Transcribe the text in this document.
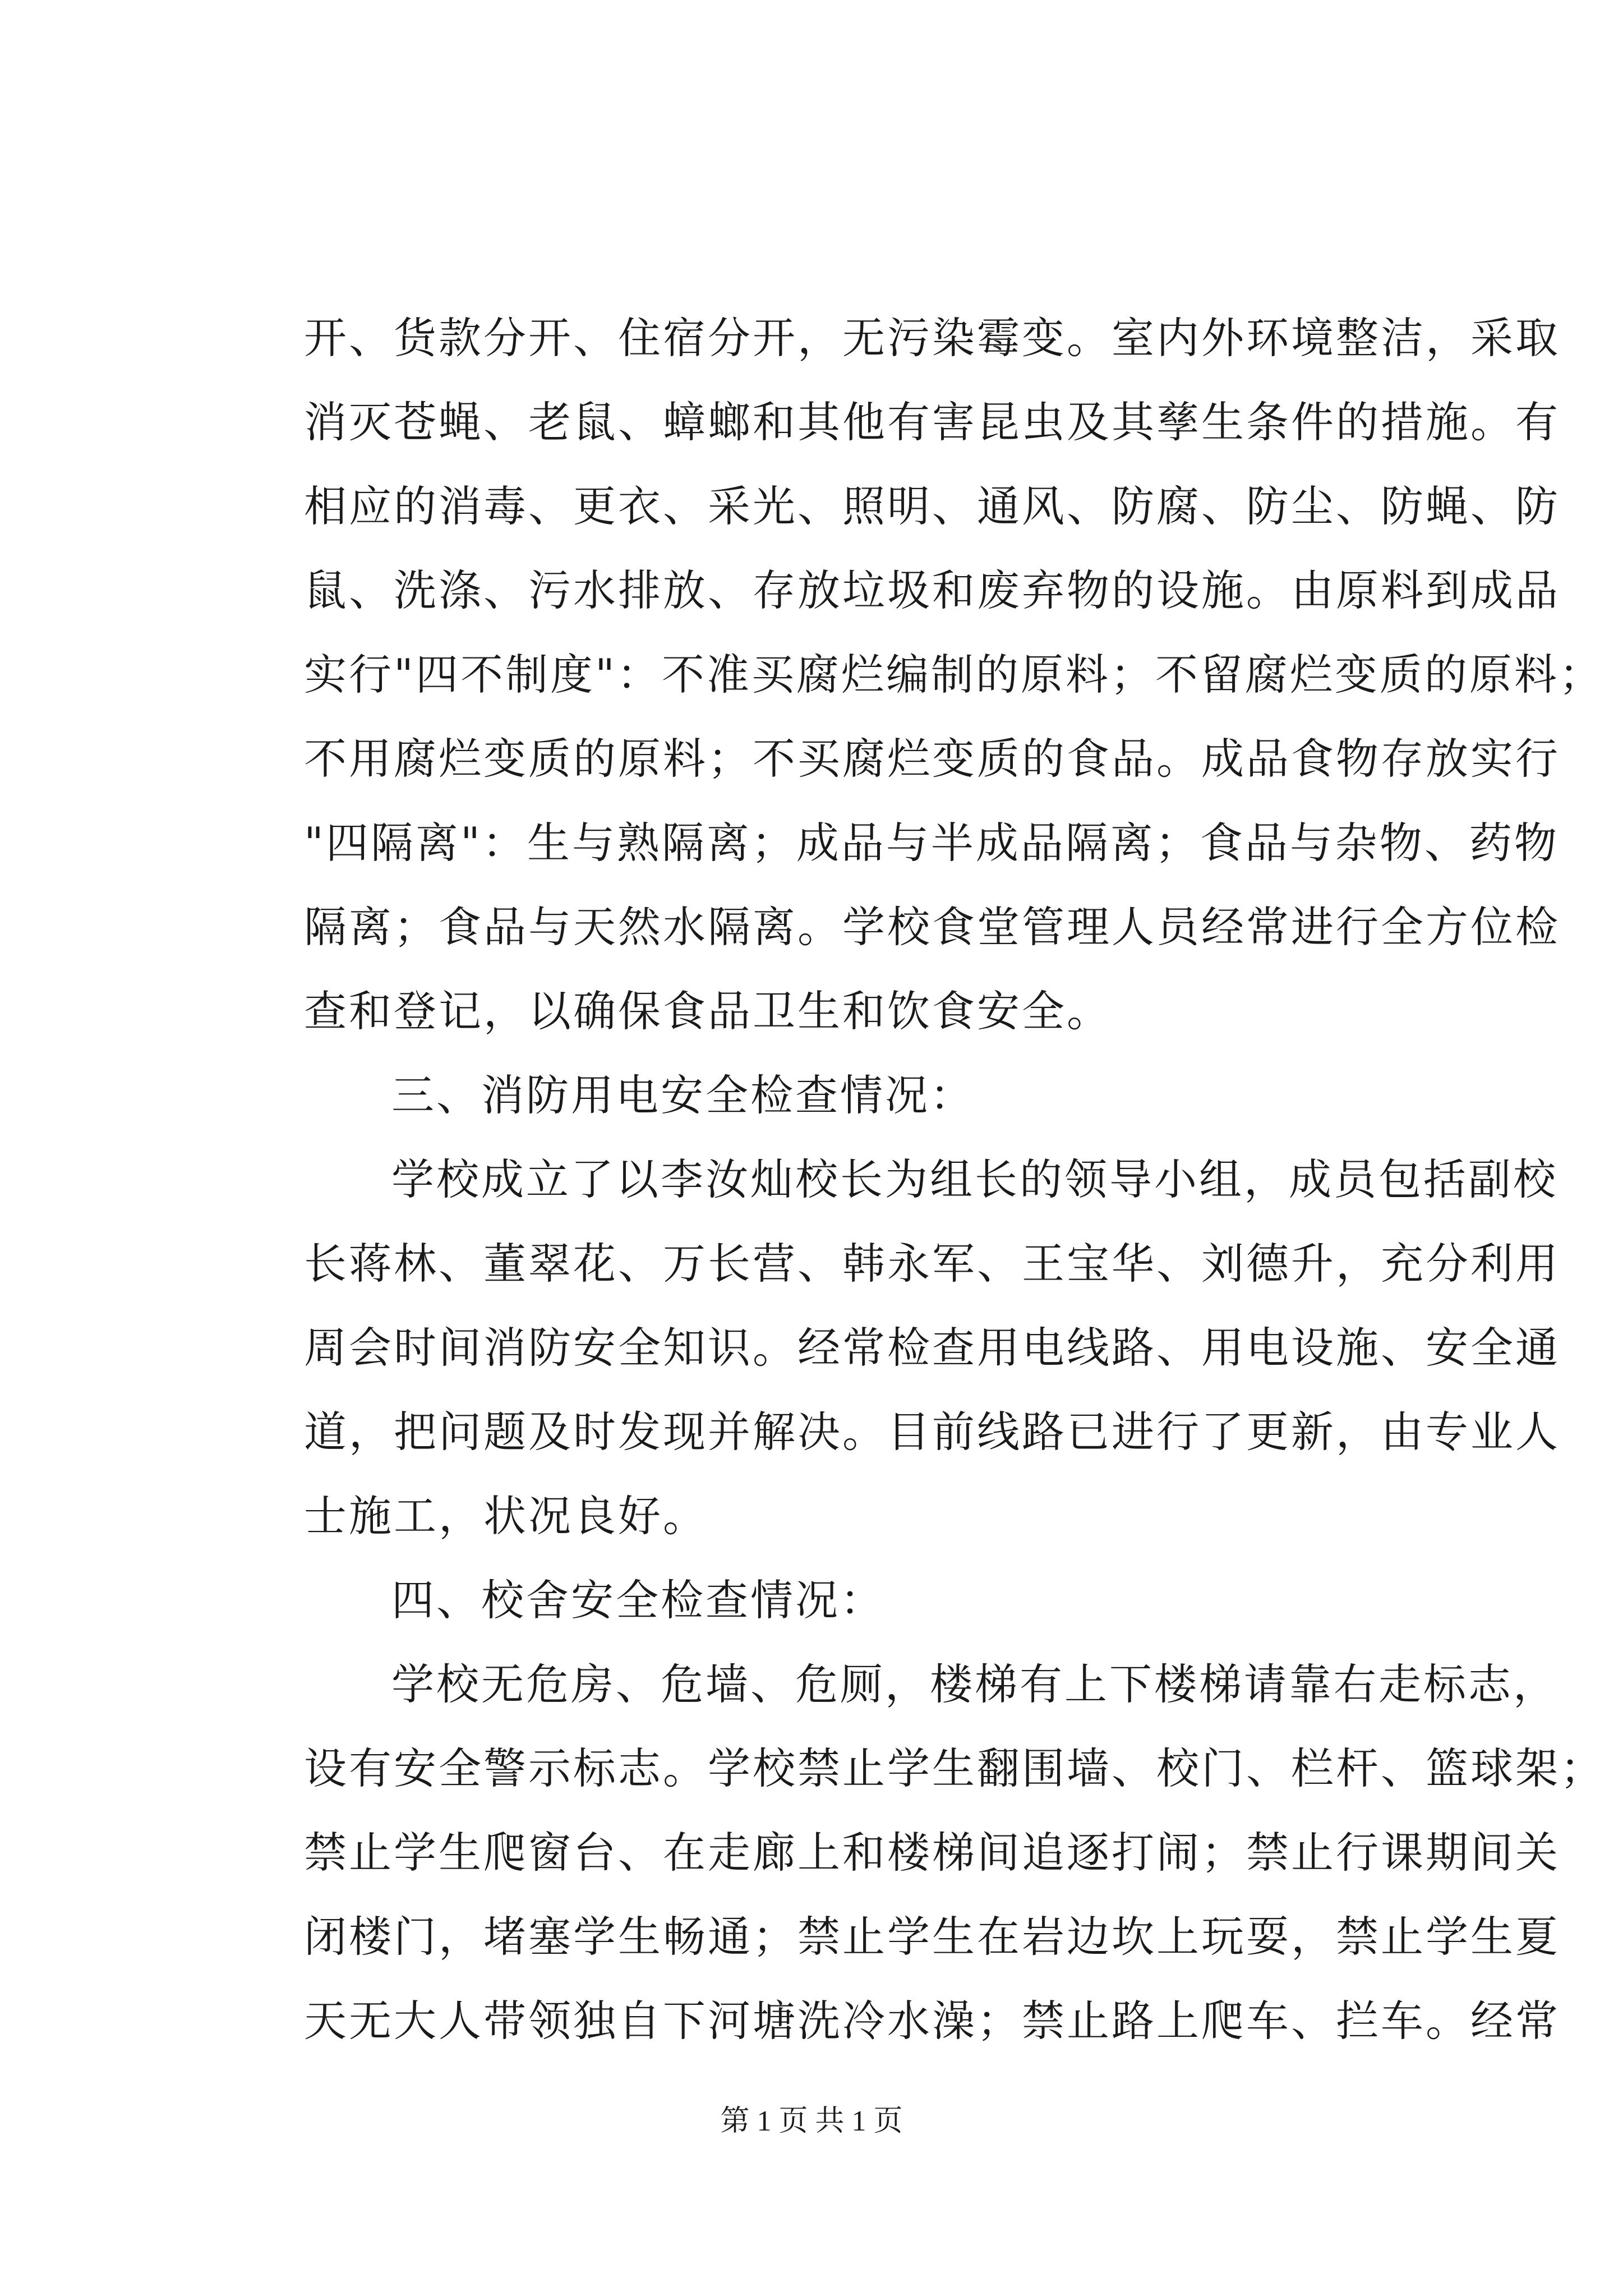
开、货款分开、住宿分开，无污染霉变。室内外环境整洁，采取
消灭苍蝇、老鼠、蟑螂和其他有害昆虫及其孳生条件的措施。有
相应的消毒、更衣、采光、照明、通风、防腐、防尘、防蝇、防
鼠、洗涤、污水排放、存放垃圾和废弃物的设施。由原料到成品
实行"四不制度"：不准买腐烂编制的原料；不留腐烂变质的原料；
不用腐烂变质的原料；不买腐烂变质的食品。成品食物存放实行
"四隔离"：生与熟隔离；成品与半成品隔离；食品与杂物、药物
隔离；食品与天然水隔离。学校食堂管理人员经常进行全方位检
查和登记，以确保食品卫生和饮食安全。
三、消防用电安全检查情况：
学校成立了以李汝灿校长为组长的领导小组，成员包括副校
长蒋林、董翠花、万长营、韩永军、王宝华、刘德升，充分利用
周会时间消防安全知识。经常检查用电线路、用电设施、安全通
道，把问题及时发现并解决。目前线路已进行了更新，由专业人
士施工，状况良好。
四、校舍安全检查情况：
学校无危房、危墙、危厕，楼梯有上下楼梯请靠右走标志，
设有安全警示标志。学校禁止学生翻围墙、校门、栏杆、篮球架；
禁止学生爬窗台、在走廊上和楼梯间追逐打闹；禁止行课期间关
闭楼门，堵塞学生畅通；禁止学生在岩边坎上玩耍，禁止学生夏
天无大人带领独自下河塘洗冷水澡；禁止路上爬车、拦车。经常
第 1 页 共 1 页
